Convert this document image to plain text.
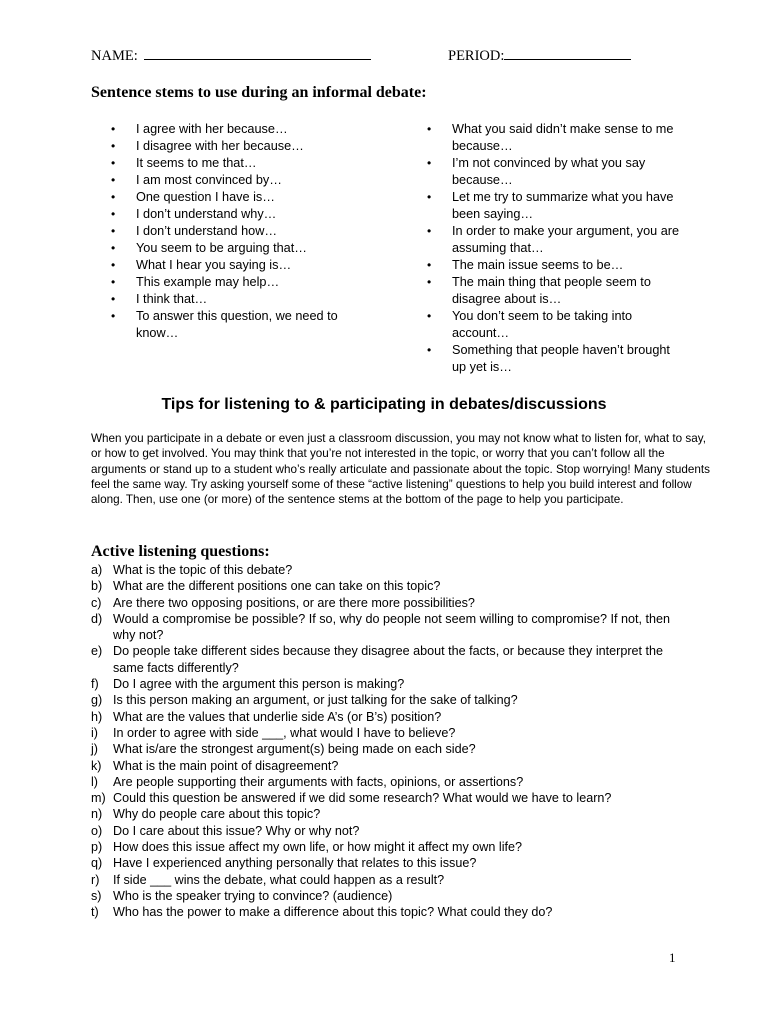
NAME:	PERIOD:
Sentence stems to use during an informal debate:
• I agree with her because…
• I disagree with her because…
• It seems to me that…
• I am most convinced by…
• One question I have is…
• I don’t understand why…
• I don’t understand how…
• You seem to be arguing that…
• What I hear you saying is…
• This example may help…
• I think that…
• To answer this question, we need to know…
• What you said didn’t make sense to me because…
• I’m not convinced by what you say because…
• Let me try to summarize what you have been saying…
• In order to make your argument, you are assuming that…
• The main issue seems to be…
• The main thing that people seem to disagree about is…
• You don’t seem to be taking into account…
• Something that people haven’t brought up yet is…
Tips for listening to & participating in debates/discussions

When you participate in a debate or even just a classroom discussion, you may not know what to listen for, what to say, or how to get involved. You may think that you’re not interested in the topic, or worry that you can’t follow all the arguments or stand up to a student who’s really articulate and passionate about the topic. Stop worrying! Many students feel the same way. Try asking yourself some of these “active listening” questions to help you build interest and follow along. Then, use one (or more) of the sentence stems at the bottom of the page to help you participate.

Active listening questions:
a) What is the topic of this debate?
b) What are the different positions one can take on this topic?
c) Are there two opposing positions, or are there more possibilities?
d) Would a compromise be possible? If so, why do people not seem willing to compromise? If not, then why not?
e) Do people take different sides because they disagree about the facts, or because they interpret the same facts differently?
f) Do I agree with the argument this person is making?
g) Is this person making an argument, or just talking for the sake of talking?
h) What are the values that underlie side A’s (or B’s) position?
i) In order to agree with side ___, what would I have to believe?
j) What is/are the strongest argument(s) being made on each side?
k) What is the main point of disagreement?
l) Are people supporting their arguments with facts, opinions, or assertions?
m) Could this question be answered if we did some research? What would we have to learn?
n) Why do people care about this topic?
o) Do I care about this issue? Why or why not?
p) How does this issue affect my own life, or how might it affect my own life?
q) Have I experienced anything personally that relates to this issue?
r) If side ___ wins the debate, what could happen as a result?
s) Who is the speaker trying to convince? (audience)
t) Who has the power to make a difference about this topic? What could they do?
1
